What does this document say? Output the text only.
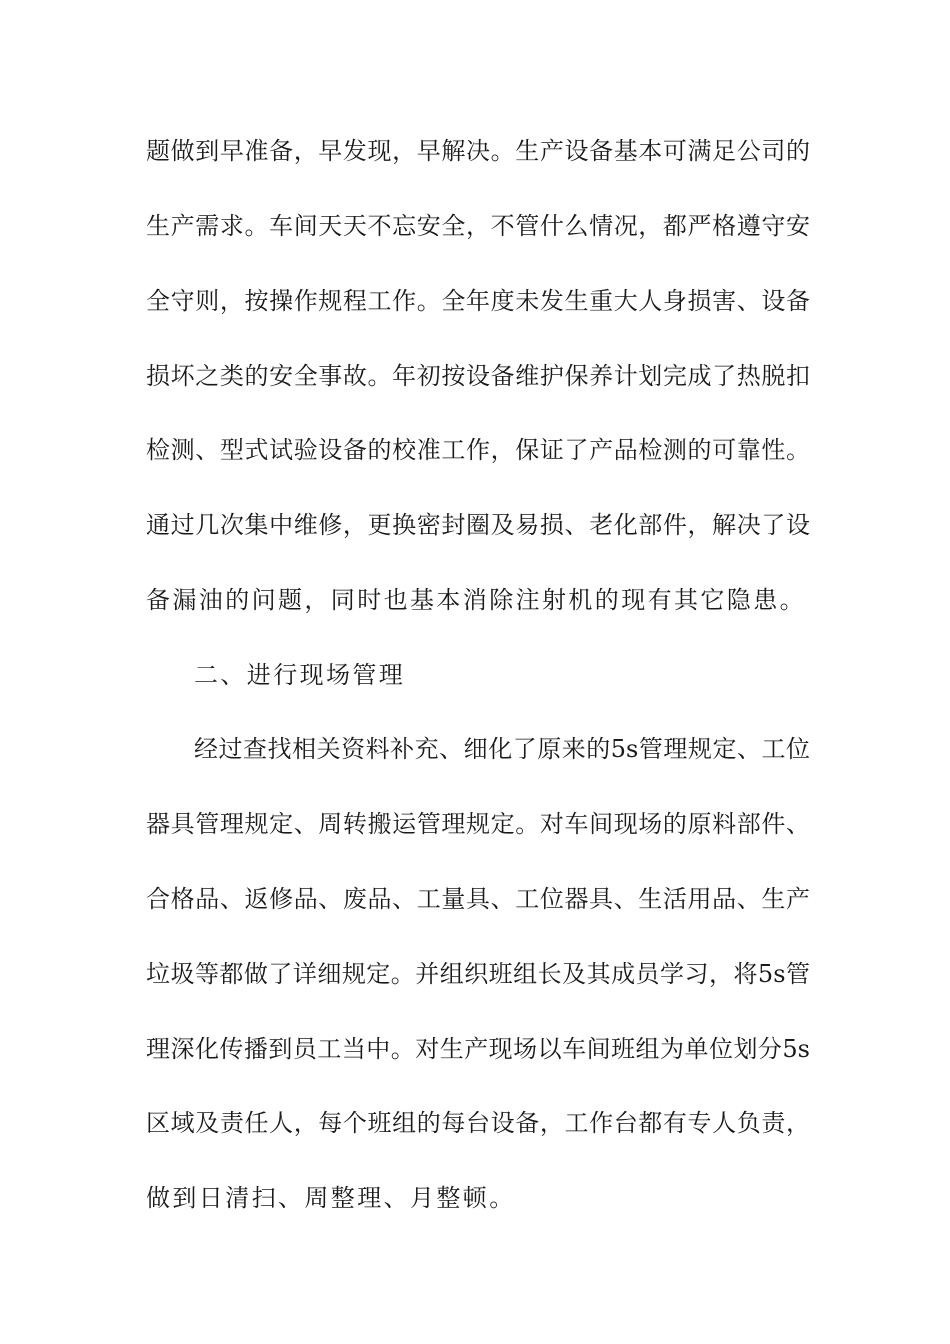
题做到早准备，早发现，早解决。生产设备基本可满足公司的
生产需求。车间天天不忘安全，不管什么情况，都严格遵守安
全守则，按操作规程工作。全年度未发生重大人身损害、设备
损坏之类的安全事故。年初按设备维护保养计划完成了热脱扣
检测、型式试验设备的校准工作，保证了产品检测的可靠性。
通过几次集中维修，更换密封圈及易损、老化部件，解决了设
备漏油的问题，同时也基本消除注射机的现有其它隐患。
二、进行现场管理
经过查找相关资料补充、细化了原来的5s管理规定、工位
器具管理规定、周转搬运管理规定。对车间现场的原料部件、
合格品、返修品、废品、工量具、工位器具、生活用品、生产
垃圾等都做了详细规定。并组织班组长及其成员学习，将5s管
理深化传播到员工当中。对生产现场以车间班组为单位划分5s
区域及责任人，每个班组的每台设备，工作台都有专人负责，
做到日清扫、周整理、月整顿。
